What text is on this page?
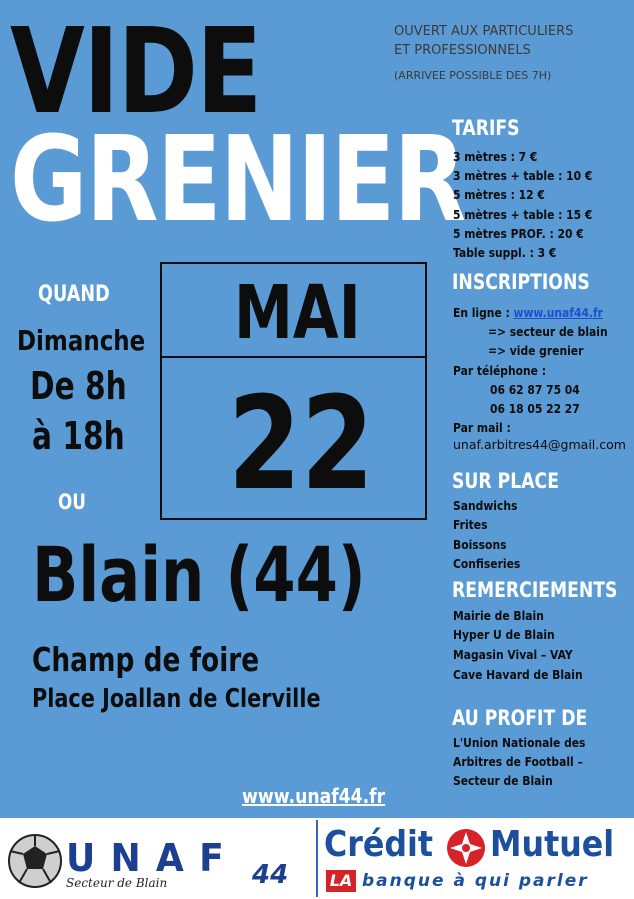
VIDE
GRENIER
OUVERT AUX PARTICULIERS
ET PROFESSIONNELS
(ARRIVEE POSSIBLE DES 7H)
QUAND
Dimanche
De 8h
à 18h
OU
MAI
22
Blain (44)
Champ de foire
Place Joallan de Clerville
TARIFS
3 mètres : 7 €
3 mètres + table : 10 €
5 mètres : 12 €
5 mètres + table : 15 €
5 mètres PROF. : 20 €
Table suppl. : 3 €
INSCRIPTIONS
En ligne : www.unaf44.fr
=> secteur de blain
=> vide grenier
Par téléphone :
06 62 87 75 04
06 18 05 22 27
Par mail :
unaf.arbitres44@gmail.com
SUR PLACE
Sandwichs
Frites
Boissons
Confiseries
REMERCIEMENTS
Mairie de Blain
Hyper U de Blain
Magasin Vival – VAY
Cave Havard de Blain
AU PROFIT DE
L'Union Nationale des
Arbitres de Football –
Secteur de Blain
www.unaf44.fr
UNAF 44
Secteur de Blain
Crédit Mutuel
LA banque à qui parler
